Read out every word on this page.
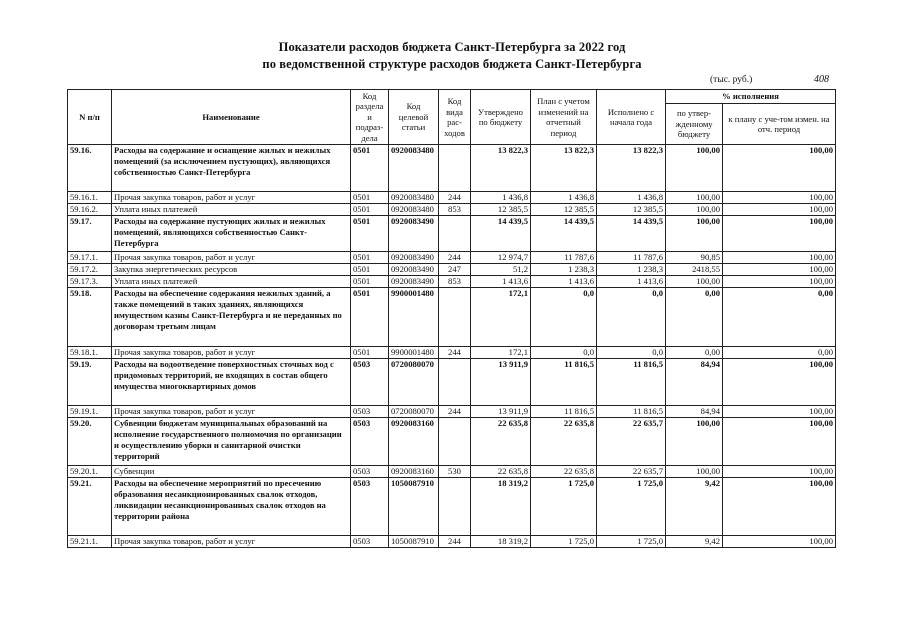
Показатели расходов бюджета Санкт-Петербурга за 2022 год
по ведомственной структуре расходов бюджета Санкт-Петербурга
(тыс. руб.)	408
N п/п	Наименование	Код раздела и подраз-дела	Код целевой статьи	Код вида рас-ходов	Утверждено по бюджету	План с учетом изменений на отчетный период	Исполнено с начала года	% исполнения	
								по утвер-жденному бюджету	к плану с уче-том измен. на отч. период
59.16.	Расходы на содержание и оснащение жилых и нежилых помещений (за исключением пустующих), являющихся собственностью Санкт-Петербурга	0501	0920083480		13 822,3	13 822,3	13 822,3	100,00	100,00
59.16.1.	Прочая закупка товаров, работ и услуг	0501	0920083480	244	1 436,8	1 436,8	1 436,8	100,00	100,00
59.16.2.	Уплата иных платежей	0501	0920083480	853	12 385,5	12 385,5	12 385,5	100,00	100,00
59.17.	Расходы на содержание пустующих жилых и нежилых помещений, являющихся собственностью Санкт-Петербурга	0501	0920083490		14 439,5	14 439,5	14 439,5	100,00	100,00
59.17.1.	Прочая закупка товаров, работ и услуг	0501	0920083490	244	12 974,7	11 787,6	11 787,6	90,85	100,00
59.17.2.	Закупка энергетических ресурсов	0501	0920083490	247	51,2	1 238,3	1 238,3	2418,55	100,00
59.17.3.	Уплата иных платежей	0501	0920083490	853	1 413,6	1 413,6	1 413,6	100,00	100,00
59.18.	Расходы на обеспечение содержания нежилых зданий, а также помещений в таких зданиях, являющихся имуществом казны Санкт-Петербурга и не переданных по договорам третьим лицам	0501	9900001480		172,1	0,0	0,0	0,00	0,00
59.18.1.	Прочая закупка товаров, работ и услуг	0501	9900001480	244	172,1	0,0	0,0	0,00	0,00
59.19.	Расходы на водоотведение поверхностных сточных вод с придомовых территорий, не входящих в состав общего имущества многоквартирных домов	0503	0720080070		13 911,9	11 816,5	11 816,5	84,94	100,00
59.19.1.	Прочая закупка товаров, работ и услуг	0503	0720080070	244	13 911,9	11 816,5	11 816,5	84,94	100,00
59.20.	Субвенции бюджетам муниципальных образований на исполнение государственного полномочия по организации и осуществлению уборки и санитарной очистки территорий	0503	0920083160		22 635,8	22 635,8	22 635,7	100,00	100,00
59.20.1.	Субвенции	0503	0920083160	530	22 635,8	22 635,8	22 635,7	100,00	100,00
59.21.	Расходы на обеспечение мероприятий по пресечению образования несанкционированных свалок отходов, ликвидации несанкционированных свалок отходов на территории района	0503	1050087910		18 319,2	1 725,0	1 725,0	9,42	100,00
59.21.1.	Прочая закупка товаров, работ и услуг	0503	1050087910	244	18 319,2	1 725,0	1 725,0	9,42	100,00
